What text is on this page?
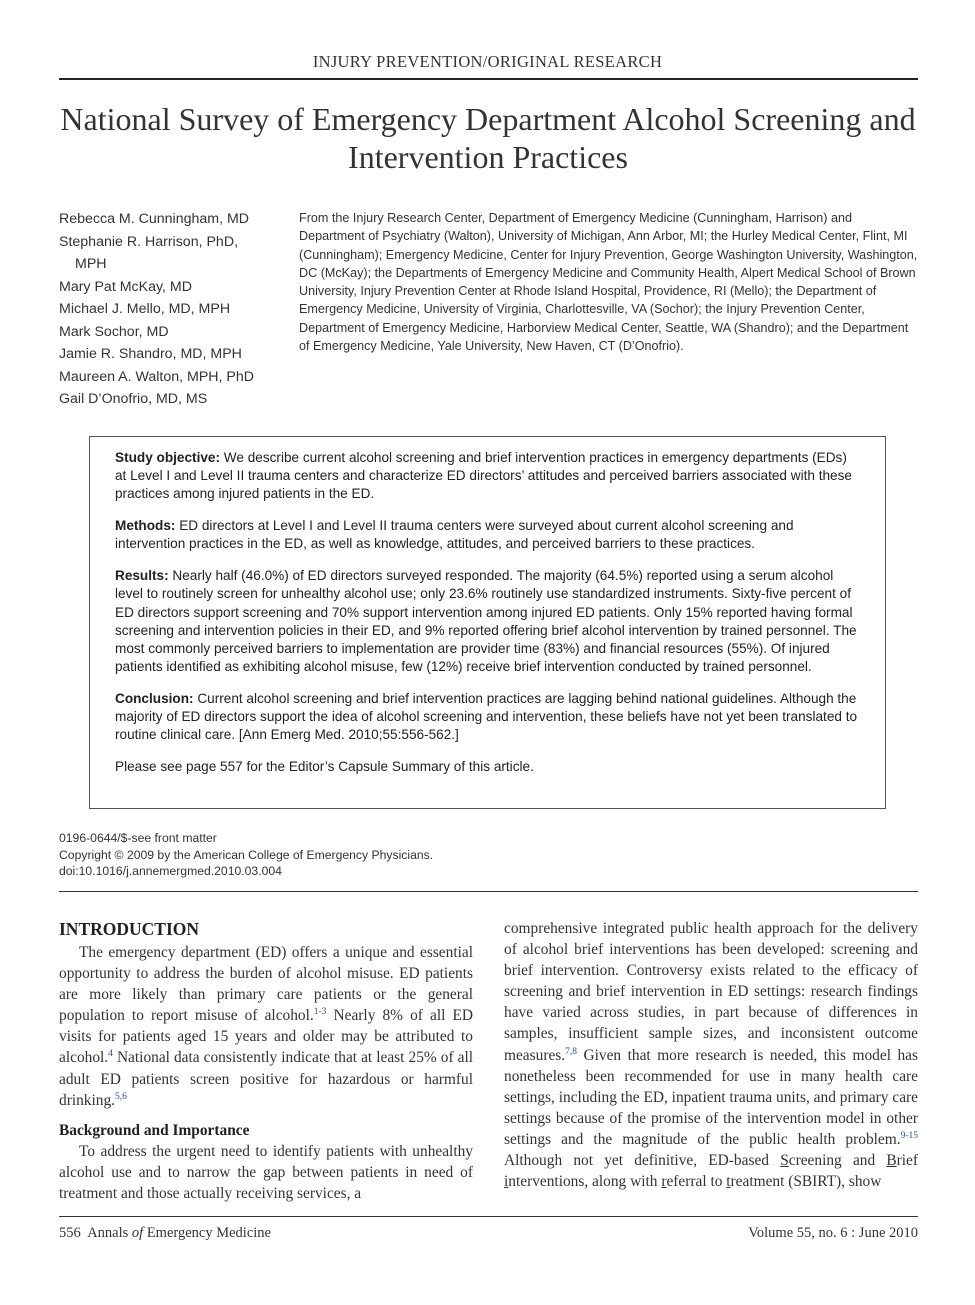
INJURY PREVENTION/ORIGINAL RESEARCH
National Survey of Emergency Department Alcohol Screening and Intervention Practices
Rebecca M. Cunningham, MD
Stephanie R. Harrison, PhD,
MPH
Mary Pat McKay, MD
Michael J. Mello, MD, MPH
Mark Sochor, MD
Jamie R. Shandro, MD, MPH
Maureen A. Walton, MPH, PhD
Gail D’Onofrio, MD, MS
From the Injury Research Center, Department of Emergency Medicine (Cunningham, Harrison) and Department of Psychiatry (Walton), University of Michigan, Ann Arbor, MI; the Hurley Medical Center, Flint, MI (Cunningham); Emergency Medicine, Center for Injury Prevention, George Washington University, Washington, DC (McKay); the Departments of Emergency Medicine and Community Health, Alpert Medical School of Brown University, Injury Prevention Center at Rhode Island Hospital, Providence, RI (Mello); the Department of Emergency Medicine, University of Virginia, Charlottesville, VA (Sochor); the Injury Prevention Center, Department of Emergency Medicine, Harborview Medical Center, Seattle, WA (Shandro); and the Department of Emergency Medicine, Yale University, New Haven, CT (D’Onofrio).

Study objective: We describe current alcohol screening and brief intervention practices in emergency departments (EDs) at Level I and Level II trauma centers and characterize ED directors’ attitudes and perceived barriers associated with these practices among injured patients in the ED.

Methods: ED directors at Level I and Level II trauma centers were surveyed about current alcohol screening and intervention practices in the ED, as well as knowledge, attitudes, and perceived barriers to these practices.

Results: Nearly half (46.0%) of ED directors surveyed responded. The majority (64.5%) reported using a serum alcohol level to routinely screen for unhealthy alcohol use; only 23.6% routinely use standardized instruments. Sixty-five percent of ED directors support screening and 70% support intervention among injured ED patients. Only 15% reported having formal screening and intervention policies in their ED, and 9% reported offering brief alcohol intervention by trained personnel. The most commonly perceived barriers to implementation are provider time (83%) and financial resources (55%). Of injured patients identified as exhibiting alcohol misuse, few (12%) receive brief intervention conducted by trained personnel.

Conclusion: Current alcohol screening and brief intervention practices are lagging behind national guidelines. Although the majority of ED directors support the idea of alcohol screening and intervention, these beliefs have not yet been translated to routine clinical care. [Ann Emerg Med. 2010;55:556-562.]

Please see page 557 for the Editor’s Capsule Summary of this article.

0196-0644/$-see front matter
Copyright © 2009 by the American College of Emergency Physicians.
doi:10.1016/j.annemergmed.2010.03.004
INTRODUCTION

The emergency department (ED) offers a unique and essential opportunity to address the burden of alcohol misuse. ED patients are more likely than primary care patients or the general population to report misuse of alcohol.$^{1-3}$ Nearly 8% of all ED visits for patients aged 15 years and older may be attributed to alcohol.$^4$ National data consistently indicate that at least 25% of all adult ED patients screen positive for hazardous or harmful drinking.$^{5,6}$

Background and Importance

To address the urgent need to identify patients with unhealthy alcohol use and to narrow the gap between patients in need of treatment and those actually receiving services, a

comprehensive integrated public health approach for the delivery of alcohol brief interventions has been developed: screening and brief intervention. Controversy exists related to the efficacy of screening and brief intervention in ED settings: research findings have varied across studies, in part because of differences in samples, insufficient sample sizes, and inconsistent outcome measures.$^{7,8}$ Given that more research is needed, this model has nonetheless been recommended for use in many health care settings, including the ED, inpatient trauma units, and primary care settings because of the promise of the intervention model in other settings and the magnitude of the public health problem.$^{9-15}$ Although not yet definitive, ED-based Screening and Brief interventions, along with referral to treatment (SBIRT), show

556 Annals of Emergency Medicine	Volume 55, no. 6 : June 2010
